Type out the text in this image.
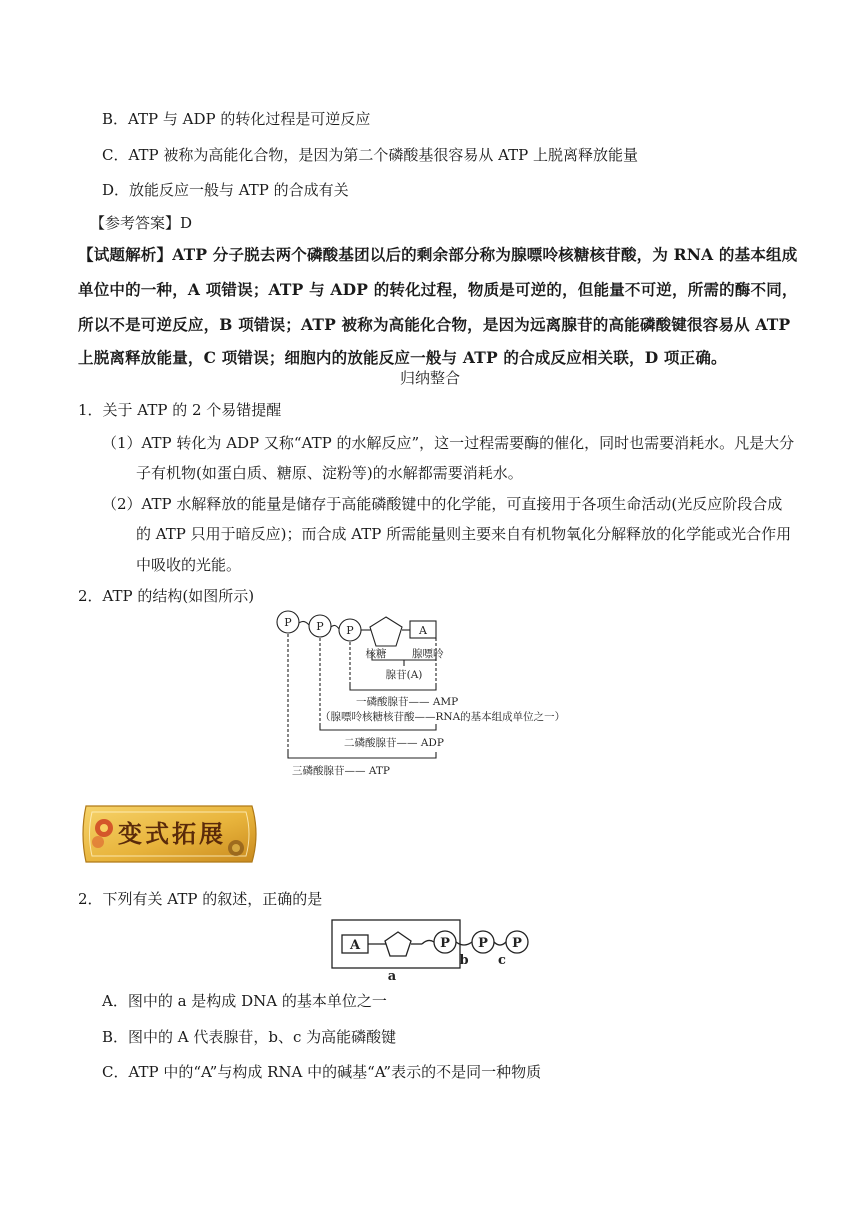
B．ATP 与 ADP 的转化过程是可逆反应
C．ATP 被称为高能化合物，是因为第二个磷酸基很容易从 ATP 上脱离释放能量
D．放能反应一般与 ATP 的合成有关
【参考答案】D
【试题解析】ATP 分子脱去两个磷酸基团以后的剩余部分称为腺嘌呤核糖核苷酸，为 RNA 的基本组成
单位中的一种，A 项错误；ATP 与 ADP 的转化过程，物质是可逆的，但能量不可逆，所需的酶不同，
所以不是可逆反应，B 项错误；ATP 被称为高能化合物，是因为远离腺苷的高能磷酸键很容易从 ATP
上脱离释放能量，C 项错误；细胞内的放能反应一般与 ATP 的合成反应相关联，D 项正确。
归纳整合
1．关于 ATP 的 2 个易错提醒
（1）ATP 转化为 ADP 又称“ATP 的水解反应”，这一过程需要酶的催化，同时也需要消耗水。凡是大分
子有机物(如蛋白质、糖原、淀粉等)的水解都需要消耗水。
（2）ATP 水解释放的能量是储存于高能磷酸键中的化学能，可直接用于各项生命活动(光反应阶段合成
的 ATP 只用于暗反应)；而合成 ATP 所需能量则主要来自有机物氧化分解释放的化学能或光合作用
中吸收的光能。
2．ATP 的结构(如图所示)
P P P	A
核糖 腺嘌呤
腺苷(A)
一磷酸腺苷—— AMP
（腺嘌呤核糖核苷酸——RNA的基本组成单位之一）
二磷酸腺苷—— ADP
三磷酸腺苷—— ATP
变式拓展
2．下列有关 ATP 的叙述，正确的是
A	P P P
a
b c
A．图中的 a 是构成 DNA 的基本单位之一
B．图中的 A 代表腺苷，b、c 为高能磷酸键
C．ATP 中的“A”与构成 RNA 中的碱基“A”表示的不是同一种物质
